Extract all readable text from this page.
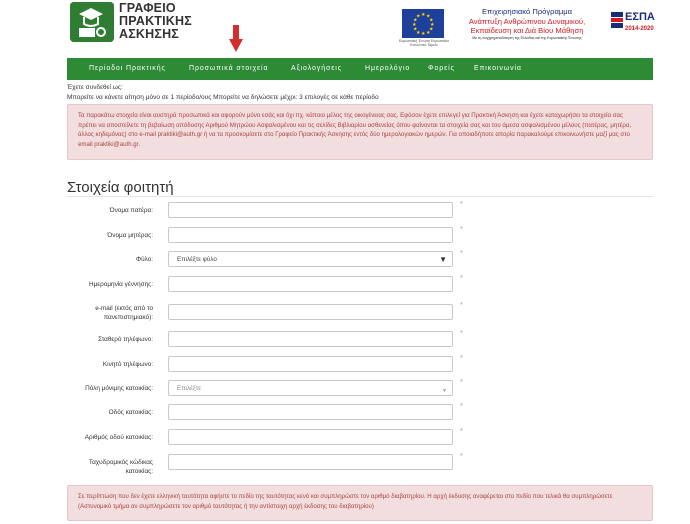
ΓΡΑΦΕΙΟ
ΠΡΑΚΤΙΚΗΣ
ΑΣΚΗΣΗΣ
★ ★
★
★
★
★
★
★
★
★
★
★
Ευρωπαϊκή Ένωση Ευρωπαϊκό Κοινωνικό Ταμείο
Επιχειρησιακό Πρόγραμμα
Ανάπτυξη Ανθρώπινου Δυναμικού,
Εκπαίδευση και Διά Βίου Μάθηση
Με τη συγχρηματοδότηση της Ελλάδας και της Ευρωπαϊκής Ένωσης
ΕΣΠΑ
2014-2020
Περίοδοι Πρακτικής	Προσωπικά στοιχεία	Αξιολογήσεις	Ημερολόγιο	Φορείς	Επικοινωνία
Έχετε συνδεθεί ως:
Μπορείτε να κάνετε αίτηση μόνο σε 1 περίοδο/ους Μπορείτε να δηλώσετε μέχρι: 3 επιλογές σε κάθε περίοδο
Τα παρακάτω στοιχεία είναι αυστηρά προσωπικά και αφορούν μόνο εσάς και όχι πχ. κάποιο μέλος της οικογένειας σας. Εφόσον έχετε επιλεγεί για Πρακτική Άσκηση και έχετε καταχωρήσει τα στοιχεία σας πρέπει να αποστείλετε τη βεβαίωση απόδοσης Αριθμού Μητρώου Ασφαλισμένου και τις σελίδες Βιβλιαρίου ασθενείας όπου φαίνονται τα στοιχεία σας και του άμεσα ασφαλισμένου μέλους (πατέρας, μητέρα, άλλος κηδεμόνας) στο e-mail praktiki@auth.gr ή να τα προσκομίσετε στο Γραφείο Πρακτικής Άσκησης εντός δύο ημερολογιακών ημερών. Για οποιαδήποτε απορία παρακαλούμε επικοινωνήστε μαζί μας στο email praktiki@auth.gr.
Στοιχεία φοιτητή
Όνομα πατέρα:
*
Όνομα μητέρας:
*
Φύλο:	Επιλέξτε φύλο	▼
*
Ημερομηνία γέννησης:
*
e-mail (εκτός από το πανεπιστημιακό):
*
Σταθερό τηλέφωνο:
*
Κινητό τηλέφωνο:
*
Πόλη μόνιμης κατοικίας:	Επιλέξτε	▼
*
Οδός κατοικίας:
*
Αριθμός οδού κατοικίας:
*
Ταχυδρομικός κώδικας κατοικίας:
*
Σε περίπτωση που δεν έχετε ελληνική ταυτότητα αφήστε το πεδίο της ταυτότητας κενό και συμπληρώστε τον αριθμό διαβατηρίου. Η αρχή έκδοσης αναφέρεται στο πεδίο που τελικά θα συμπληρώσετε (Αστυνομικό τμήμα αν συμπληρώσετε τον αριθμό ταυτότητας ή την αντίστοιχη αρχή έκδοσης του διαβατηρίου)
